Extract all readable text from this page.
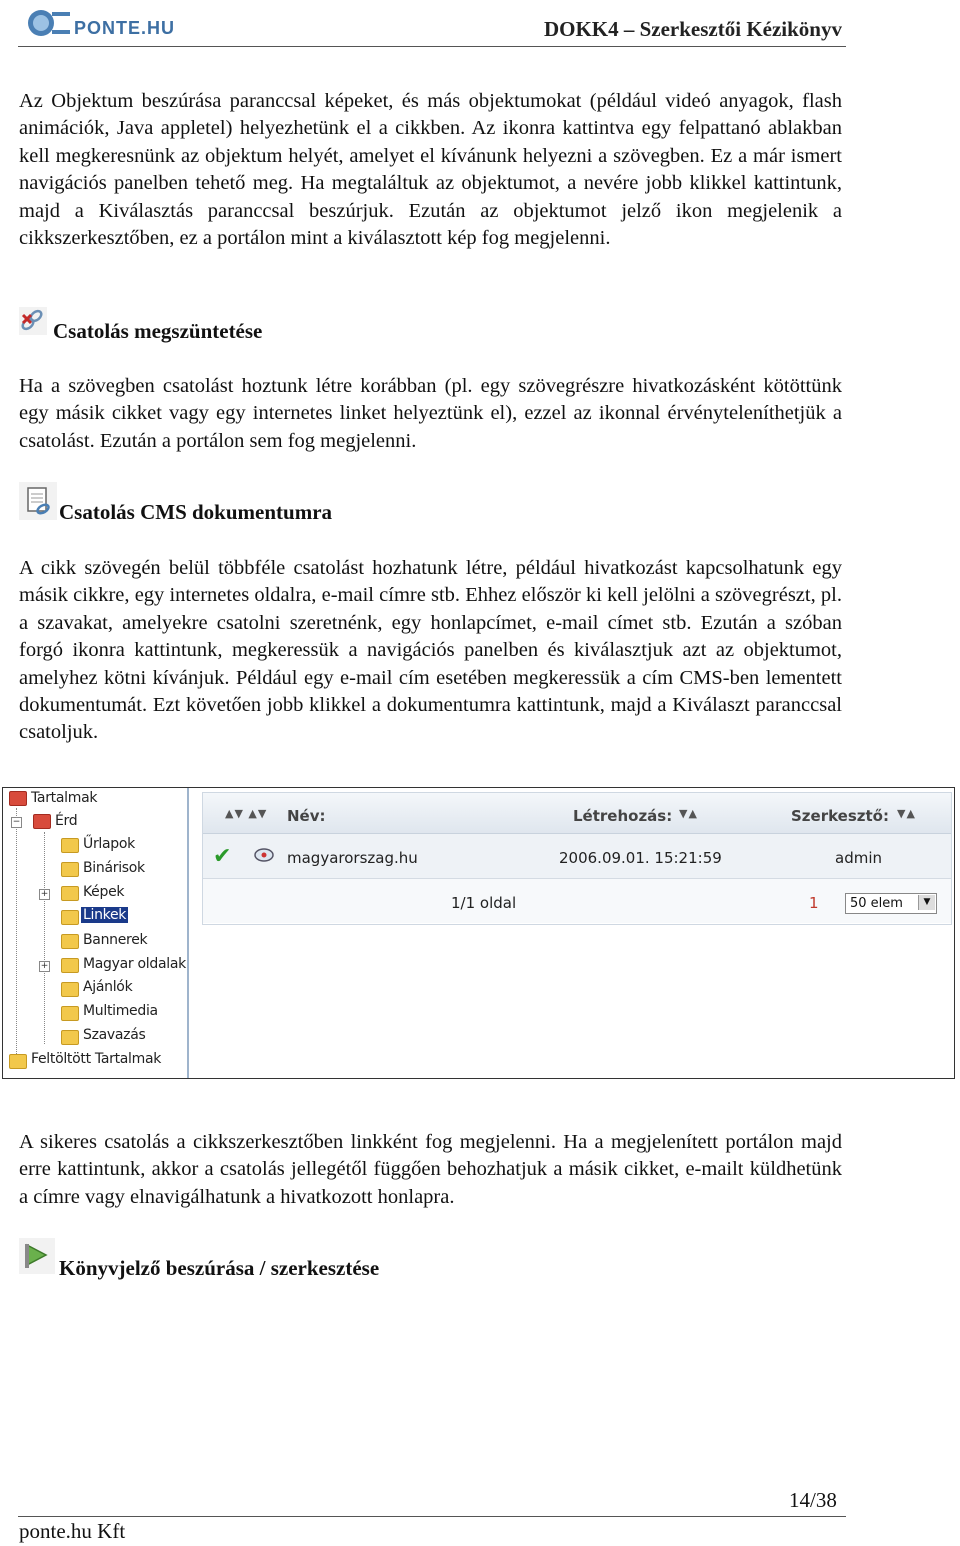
PONTE.HU	DOKK4 – Szerkesztői Kézikönyv

Az Objektum beszúrása paranccsal képeket, és más objektumokat (például videó anyagok, flash animációk, Java appletel) helyezhetünk el a cikkben. Az ikonra kattintva egy felpattanó ablakban kell megkeresnünk az objektum helyét, amelyet el kívánunk helyezni a szövegben. Ez a már ismert navigációs panelben tehető meg. Ha megtaláltuk az objektumot, a nevére jobb klikkel kattintunk, majd a Kiválasztás paranccsal beszúrjuk. Ezután az objektumot jelző ikon megjelenik a cikkszerkesztőben, ez a portálon mint a kiválasztott kép fog megjelenni.

Csatolás megszüntetése

Ha a szövegben csatolást hoztunk létre korábban (pl. egy szövegrészre hivatkozásként kötöttünk egy másik cikket vagy egy internetes linket helyeztünk el), ezzel az ikonnal érvényteleníthetjük a csatolást. Ezután a portálon sem fog megjelenni.

Csatolás CMS dokumentumra

A cikk szövegén belül többféle csatolást hozhatunk létre, például hivatkozást kapcsolhatunk egy másik cikkre, egy internetes oldalra, e-mail címre stb. Ehhez először ki kell jelölni a szövegrészt, pl. a szavakat, amelyekre csatolni szeretnénk, egy honlapcímet, e-mail címet stb. Ezután a szóban forgó ikonra kattintunk, megkeressük a navigációs panelben és kiválasztjuk azt az objektumot, amelyhez kötni kívánjuk. Például egy e-mail cím esetében megkeressük a cím CMS-ben lementett dokumentumát. Ezt követően jobb klikkel a dokumentumra kattintunk, majd a Kiválaszt paranccsal csatoljuk.

Tartalmak
− Érd
Űrlapok
Binárisok
+ Képek
Linkek
Bannerek
+ Magyar oldalak
Ajánlók
Multimedia
Szavazás
Feltöltött Tartalmak
▲▼ ▲▼ Név:	Létrehozás: ▼▲	Szerkesztő: ▼▲
✔	magyarorszag.hu	2006.09.01. 15:21:59	admin
1/1 oldal	1 50 elem	▼

A sikeres csatolás a cikkszerkesztőben linkként fog megjelenni. Ha a megjelenített portálon majd erre kattintunk, akkor a csatolás jellegétől függően behozhatjuk a másik cikket, e-mailt küldhetünk a címre vagy elnavigálhatunk a hivatkozott honlapra.

Könyvjelző beszúrása / szerkesztése
14/38
ponte.hu Kft
